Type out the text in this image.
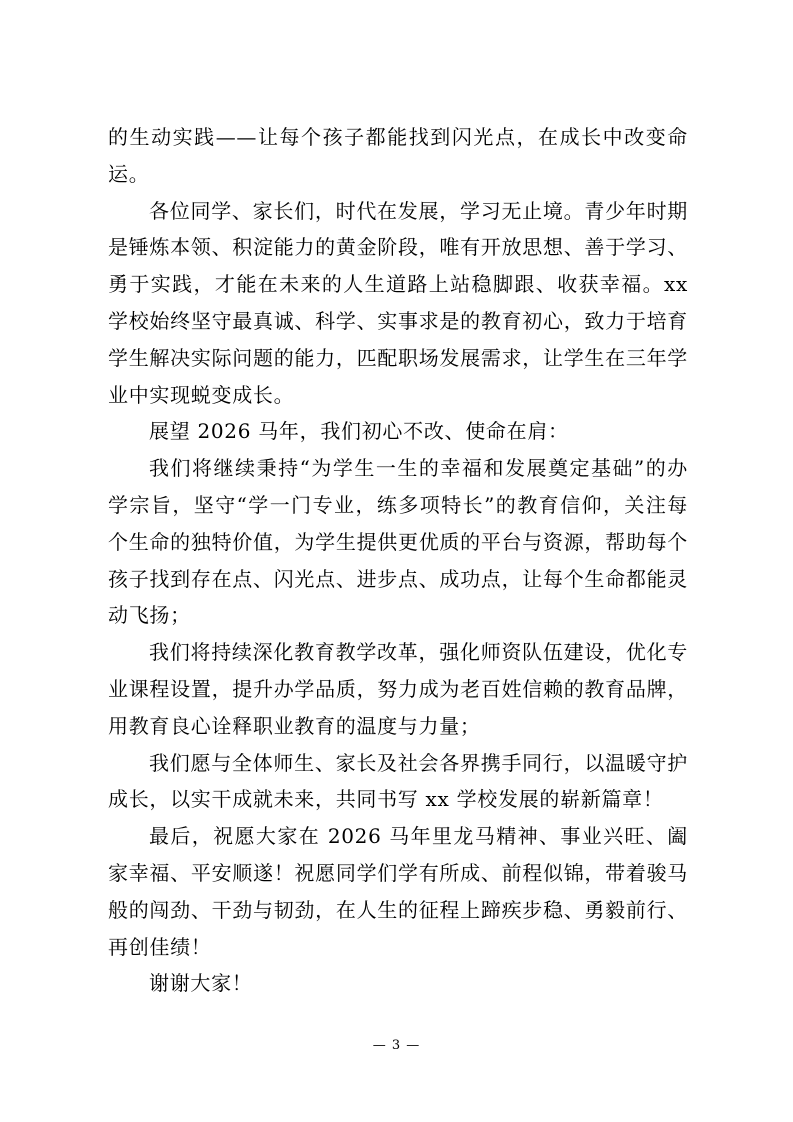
的生动实践——让每个孩子都能找到闪光点，在成长中改变命运。

各位同学、家长们，时代在发展，学习无止境。青少年时期是锤炼本领、积淀能力的黄金阶段，唯有开放思想、善于学习、勇于实践，才能在未来的人生道路上站稳脚跟、收获幸福。xx 学校始终坚守最真诚、科学、实事求是的教育初心，致力于培育学生解决实际问题的能力，匹配职场发展需求，让学生在三年学业中实现蜕变成长。

展望 2026 马年，我们初心不改、使命在肩：

我们将继续秉持“为学生一生的幸福和发展奠定基础”的办学宗旨，坚守“学一门专业，练多项特长”的教育信仰，关注每个生命的独特价值，为学生提供更优质的平台与资源，帮助每个孩子找到存在点、闪光点、进步点、成功点，让每个生命都能灵动飞扬；

我们将持续深化教育教学改革，强化师资队伍建设，优化专业课程设置，提升办学品质，努力成为老百姓信赖的教育品牌，用教育良心诠释职业教育的温度与力量；

我们愿与全体师生、家长及社会各界携手同行，以温暖守护成长，以实干成就未来，共同书写 xx 学校发展的崭新篇章！

最后，祝愿大家在 2026 马年里龙马精神、事业兴旺、阖家幸福、平安顺遂！祝愿同学们学有所成、前程似锦，带着骏马般的闯劲、干劲与韧劲，在人生的征程上蹄疾步稳、勇毅前行、再创佳绩！

谢谢大家！

— 3 —
